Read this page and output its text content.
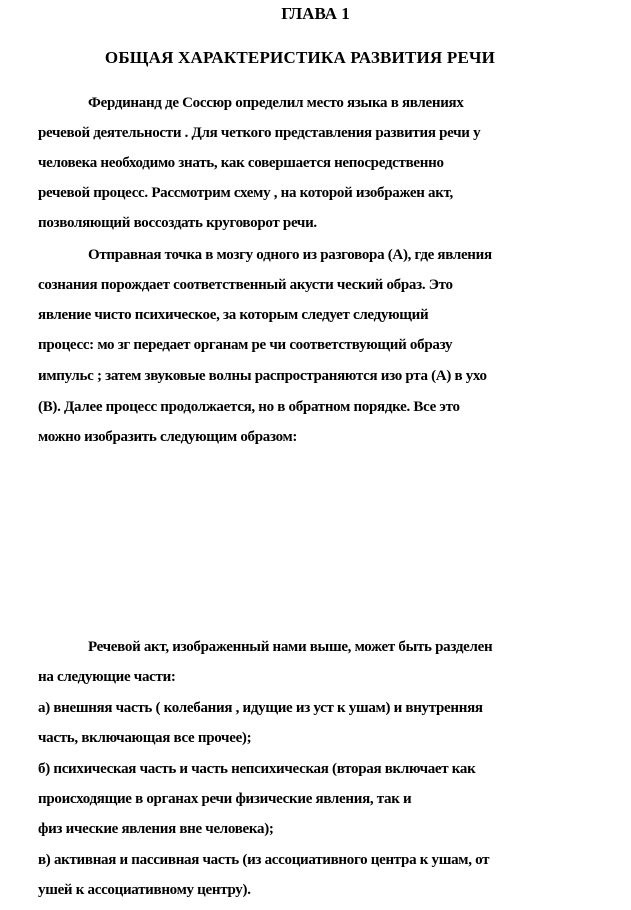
ГЛАВА 1
ОБЩАЯ ХАРАКТЕРИСТИКА РАЗВИТИЯ РЕЧИ
Фердинанд де Соссюр определил место языка в явлениях
речевой деятельности . Для четкого представления развития речи у
человека необходимо знать, как совершается непосредственно
речевой процесс. Рассмотрим схему , на которой изображен акт,
позволяющий воссоздать круговорот речи.
Отправная точка в мозгу одного из разговора (А), где явления
сознания порождает соответственный акусти ческий образ. Это
явление чисто психическое, за которым следует следующий
процесс: мо зг передает органам ре чи соответствующий образу
импульс ; затем звуковые волны распространяются изо рта (А) в ухо
(В). Далее процесс продолжается, но в обратном порядке. Все это
можно изобразить следующим образом:
Речевой акт, изображенный нами выше, может быть разделен
на следующие части:
а) внешняя часть ( колебания , идущие из уст к ушам) и внутренняя
часть, включающая все прочее);
б) психическая часть и часть непсихическая (вторая включает как
происходящие в органах речи физические явления, так и
физ ические явления вне человека);
в) активная и пассивная часть (из ассоциативного центра к ушам, от
ушей к ассоциативному центру).
